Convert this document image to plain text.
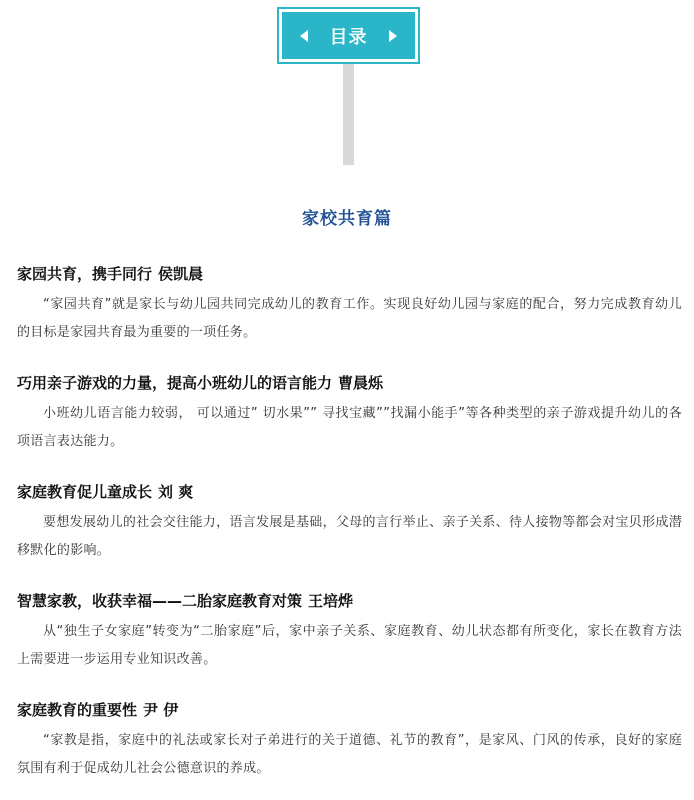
目录
家校共育篇
家园共育，携手同行 侯凯晨
“家园共育”就是家长与幼儿园共同完成幼儿的教育工作。实现良好幼儿园与家庭的配合，努力完成教育幼儿的目标是家园共育最为重要的一项任务。
巧用亲子游戏的力量，提高小班幼儿的语言能力 曹晨烁
小班幼儿语言能力较弱， 可以通过” 切水果”” 寻找宝藏””找漏小能手”等各种类型的亲子游戏提升幼儿的各项语言表达能力。
家庭教育促儿童成长 刘 爽
要想发展幼儿的社会交往能力，语言发展是基础，父母的言行举止、亲子关系、待人接物等都会对宝贝形成潜移默化的影响。
智慧家教，收获幸福——二胎家庭教育对策 王培烨
从“独生子女家庭”转变为“二胎家庭”后，家中亲子关系、家庭教育、幼儿状态都有所变化，家长在教育方法上需要进一步运用专业知识改善。
家庭教育的重要性 尹 伊
“家教是指，家庭中的礼法或家长对子弟进行的关于道德、礼节的教育”，是家风、门风的传承，良好的家庭氛围有利于促成幼儿社会公德意识的养成。
